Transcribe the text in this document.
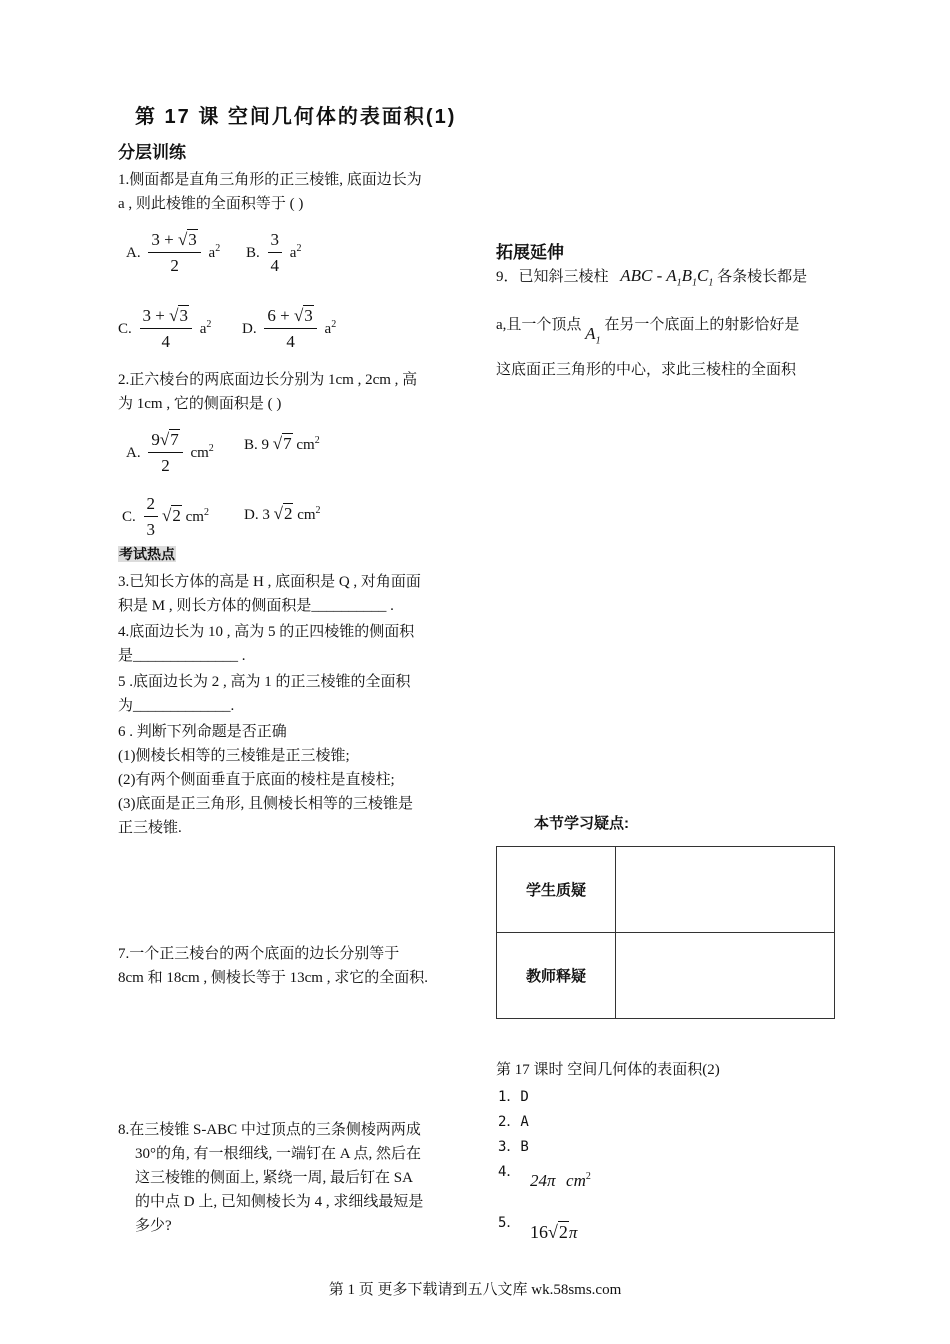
第 17 课 空间几何体的表面积(1)
分层训练
1.侧面都是直角三角形的正三棱锥, 底面边长为
a , 则此棱锥的全面积等于 ( )
A. $\frac{3 + √3}{2} a^2$ B. $\frac{3}{4} a^2$
C. $\frac{3 + √3}{4} a^2$ D. $\frac{6 + √3}{4} a^2$
2.正六棱台的两底面边长分别为 1cm , 2cm , 高
为 1cm , 它的侧面积是 ( )
A. $\frac{9√7}{2} cm^2$ B. 9 √7 $cm^2$
C. $\frac{2}{3} √2$ $cm^2$ D. 3 √2 $cm^2$
考试热点
3.已知长方体的高是 H , 底面积是 Q , 对角面面
积是 M , 则长方体的侧面积是__________ .
4.底面边长为 10 , 高为 5 的正四棱锥的侧面积
是______________ .
5 .底面边长为 2 , 高为 1 的正三棱锥的全面积
为_____________.
6 . 判断下列命题是否正确
(1)侧棱长相等的三棱锥是正三棱锥;
(2)有两个侧面垂直于底面的棱柱是直棱柱;
(3)底面是正三角形, 且侧棱长相等的三棱锥是
正三棱锥.
7.一个正三棱台的两个底面的边长分别等于
8cm 和 18cm , 侧棱长等于 13cm , 求它的全面积.
8.在三棱锥 S-ABC 中过顶点的三条侧棱两两成
30°的角, 有一根细线, 一端钉在 A 点, 然后在
这三棱锥的侧面上, 紧绕一周, 最后钉在 SA
的中点 D 上, 已知侧棱长为 4 , 求细线最短是
多少?
拓展延伸
9．已知斜三棱柱 ABC - $A_1B_1C_1$ 各条棱长都是
a,且一个顶点 $A_1$ 在另一个底面上的射影恰好是
这底面正三角形的中心，求此三棱柱的全面积
本节学习疑点:
学生质疑	
教师释疑	
第 17 课时 空间几何体的表面积(2)
1．D
2．A
3．B
4． 24π $cm^2$
5． 16√2π
第 1 页 更多下载请到五八文库 wk.58sms.com
